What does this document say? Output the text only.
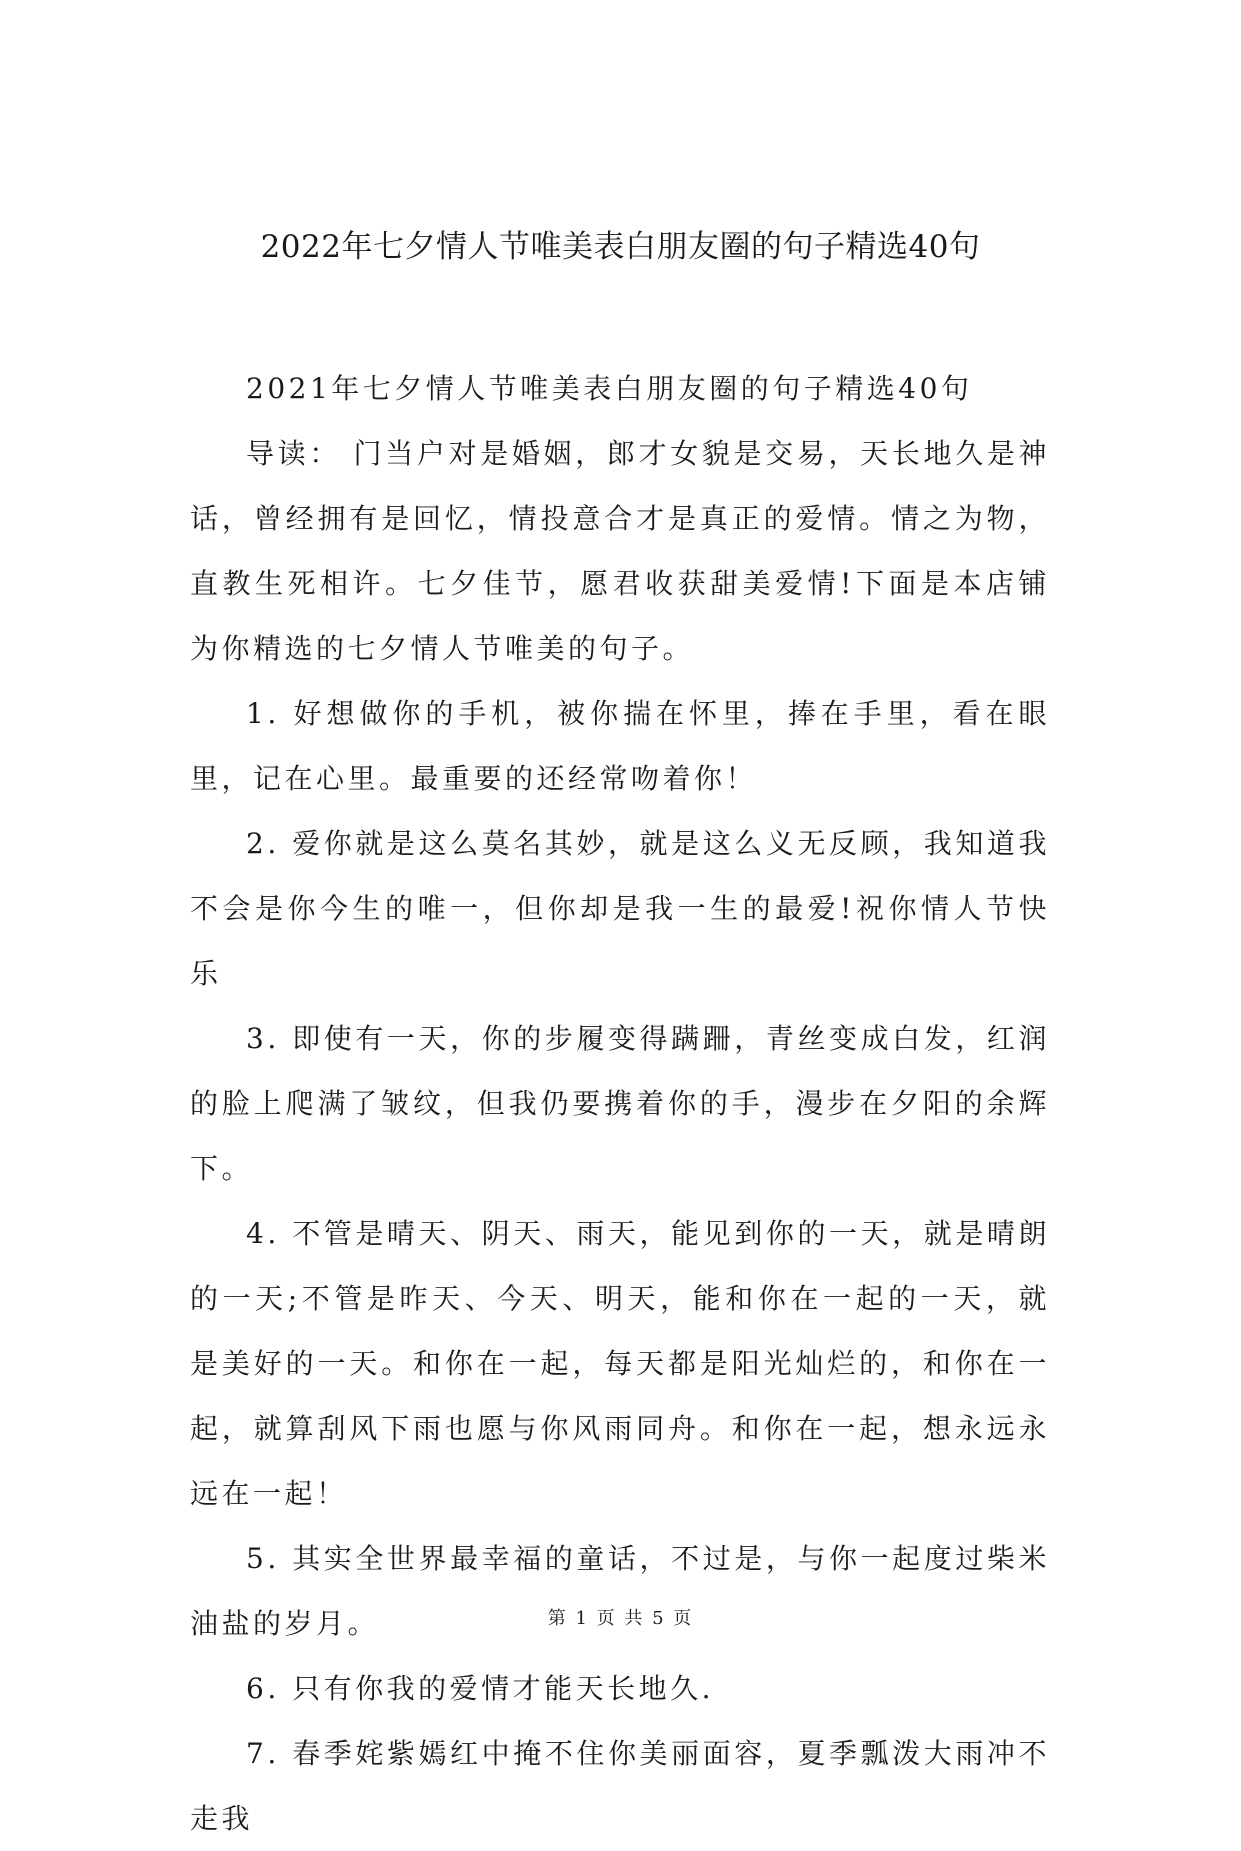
2022年七夕情人节唯美表白朋友圈的句子精选40句

2021年七夕情人节唯美表白朋友圈的句子精选40句

导读： 门当户对是婚姻，郎才女貌是交易，天长地久是神话，曾经拥有是回忆，情投意合才是真正的爱情。情之为物，直教生死相许。七夕佳节，愿君收获甜美爱情!下面是本店铺为你精选的七夕情人节唯美的句子。

1. 好想做你的手机，被你揣在怀里，捧在手里，看在眼里，记在心里。最重要的还经常吻着你！

2. 爱你就是这么莫名其妙，就是这么义无反顾，我知道我不会是你今生的唯一，但你却是我一生的最爱!祝你情人节快乐

3. 即使有一天，你的步履变得蹒跚，青丝变成白发，红润的脸上爬满了皱纹，但我仍要携着你的手，漫步在夕阳的余辉下。

4. 不管是晴天、阴天、雨天，能见到你的一天，就是晴朗的一天;不管是昨天、今天、明天，能和你在一起的一天，就是美好的一天。和你在一起，每天都是阳光灿烂的，和你在一起，就算刮风下雨也愿与你风雨同舟。和你在一起，想永远永远在一起！

5. 其实全世界最幸福的童话，不过是，与你一起度过柴米油盐的岁月。

6. 只有你我的爱情才能天长地久.

7. 春季姹紫嫣红中掩不住你美丽面容，夏季瓢泼大雨冲不走我

第 1 页 共 5 页
